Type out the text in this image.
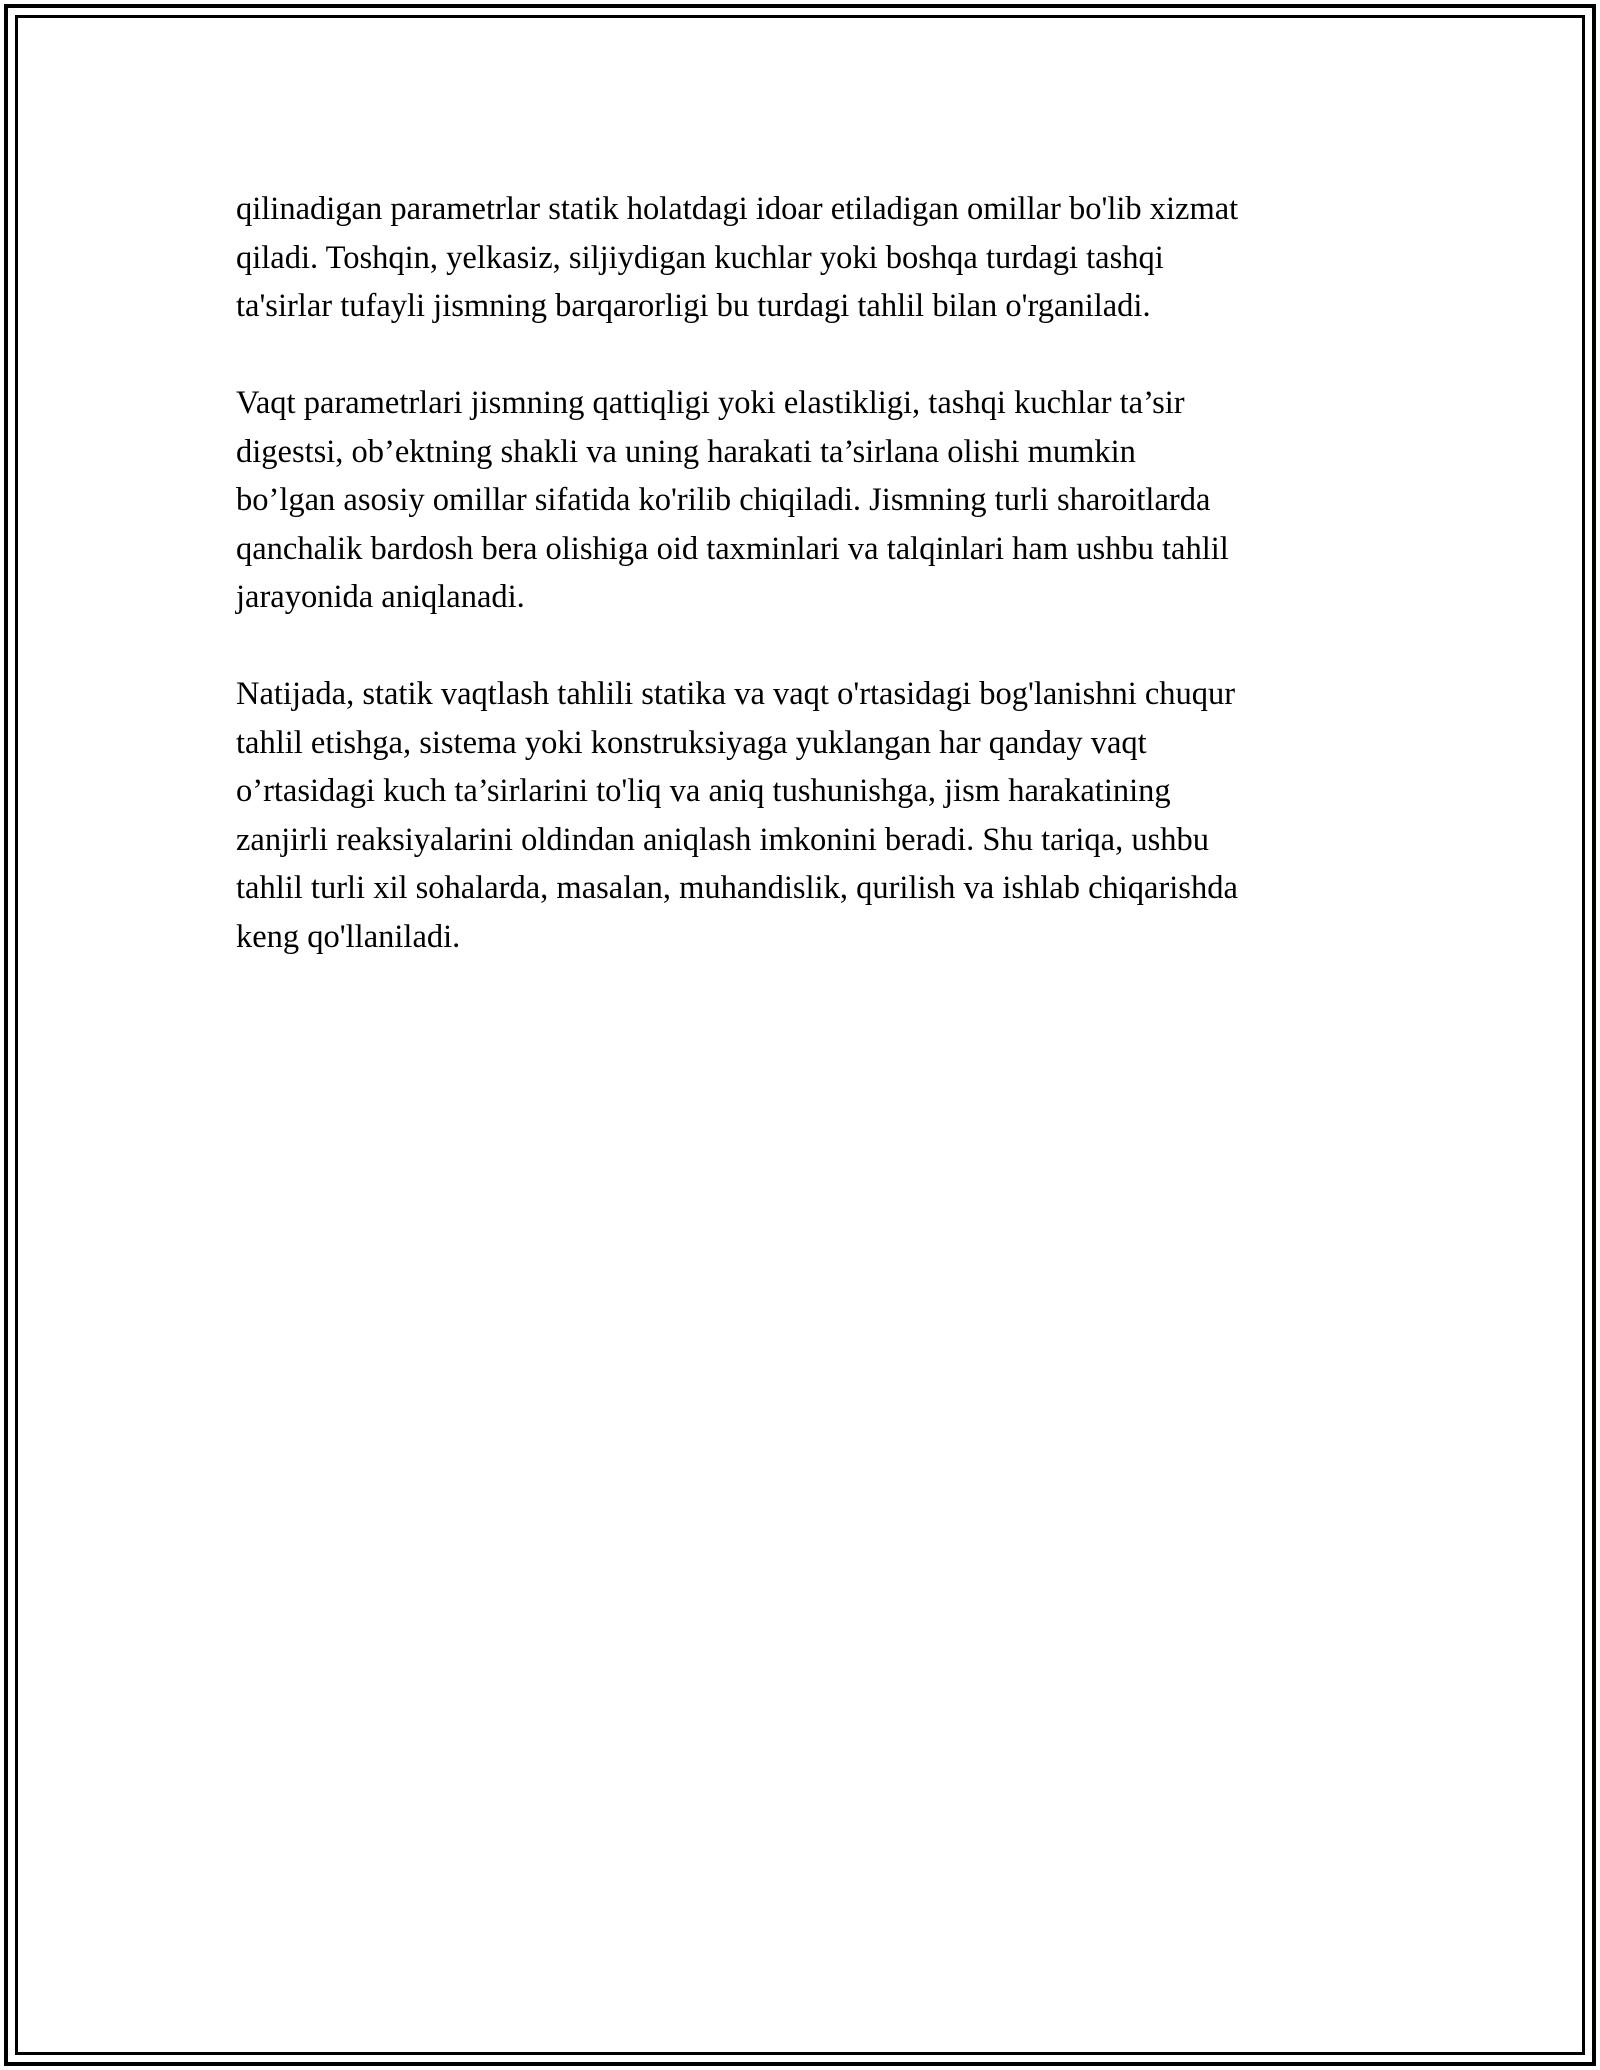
qilinadigan parametrlar statik holatdagi idoar etiladigan omillar bo'lib xizmat
qiladi. Toshqin, yelkasiz, siljiydigan kuchlar yoki boshqa turdagi tashqi
ta'sirlar tufayli jismning barqarorligi bu turdagi tahlil bilan o'rganiladi.

Vaqt parametrlari jismning qattiqligi yoki elastikligi, tashqi kuchlar ta’sir
digestsi, ob’ektning shakli va uning harakati ta’sirlana olishi mumkin
bo’lgan asosiy omillar sifatida ko'rilib chiqiladi. Jismning turli sharoitlarda
qanchalik bardosh bera olishiga oid taxminlari va talqinlari ham ushbu tahlil
jarayonida aniqlanadi.

Natijada, statik vaqtlash tahlili statika va vaqt o'rtasidagi bog'lanishni chuqur
tahlil etishga, sistema yoki konstruksiyaga yuklangan har qanday vaqt
o’rtasidagi kuch ta’sirlarini to'liq va aniq tushunishga, jism harakatining
zanjirli reaksiyalarini oldindan aniqlash imkonini beradi. Shu tariqa, ushbu
tahlil turli xil sohalarda, masalan, muhandislik, qurilish va ishlab chiqarishda
keng qo'llaniladi.
